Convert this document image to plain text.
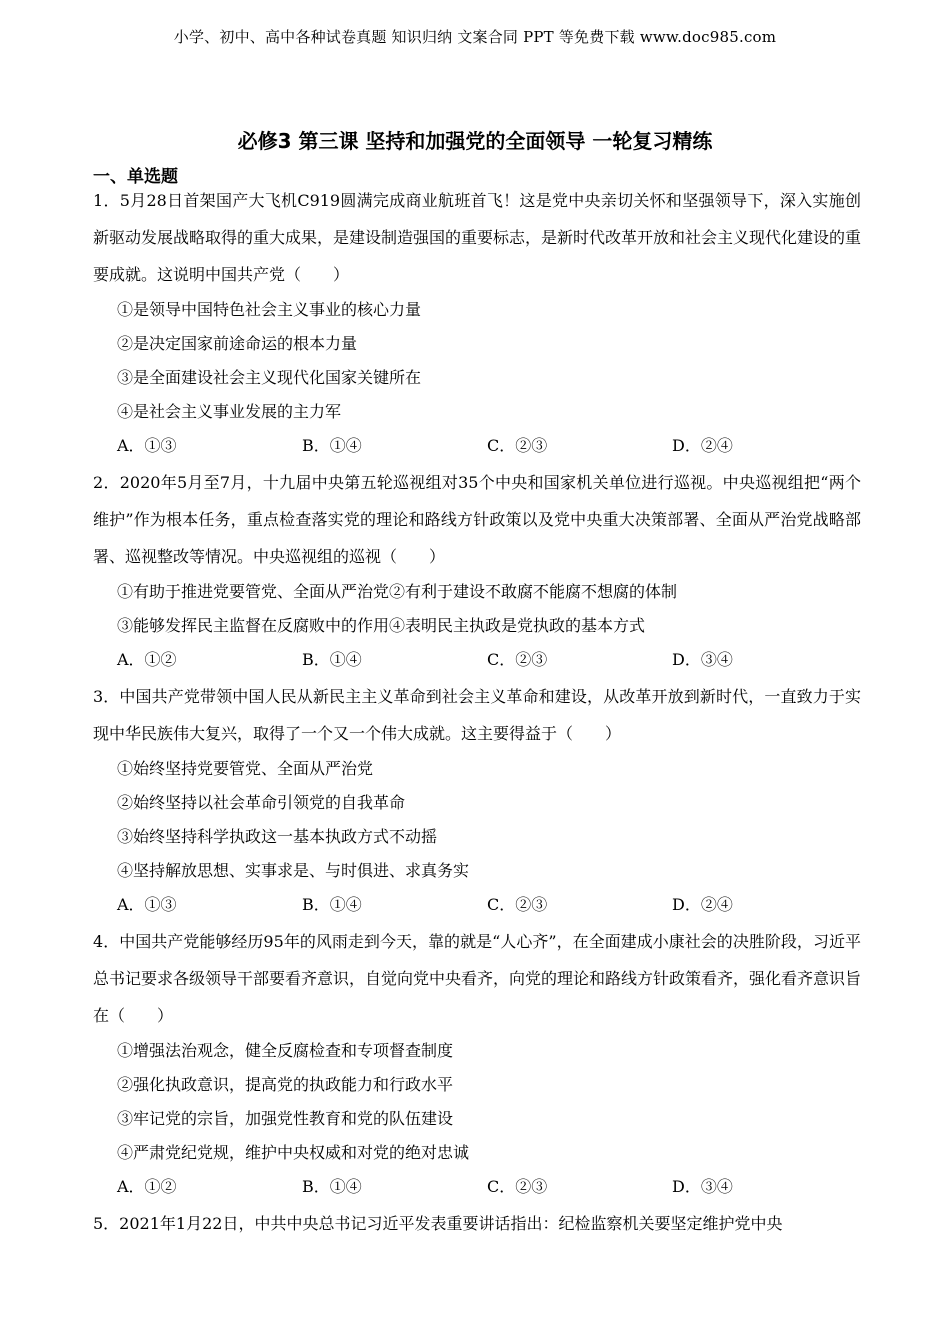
小学、初中、高中各种试卷真题 知识归纳 文案合同 PPT 等免费下载 www.doc985.com
必修3 第三课 坚持和加强党的全面领导 一轮复习精练
一、单选题

1．5月28日首架国产大飞机C919圆满完成商业航班首飞！这是党中央亲切关怀和坚强领导下，深入实施创新驱动发展战略取得的重大成果，是建设制造强国的重要标志，是新时代改革开放和社会主义现代化建设的重要成就。这说明中国共产党（　　）

①是领导中国特色社会主义事业的核心力量

②是决定国家前途命运的根本力量

③是全面建设社会主义现代化国家关键所在

④是社会主义事业发展的主力军

A．①③	B．①④	C．②③	D．②④

2．2020年5月至7月，十九届中央第五轮巡视组对35个中央和国家机关单位进行巡视。中央巡视组把“两个维护”作为根本任务，重点检查落实党的理论和路线方针政策以及党中央重大决策部署、全面从严治党战略部署、巡视整改等情况。中央巡视组的巡视（　　）

①有助于推进党要管党、全面从严治党②有利于建设不敢腐不能腐不想腐的体制

③能够发挥民主监督在反腐败中的作用④表明民主执政是党执政的基本方式

A．①②	B．①④	C．②③	D．③④

3．中国共产党带领中国人民从新民主主义革命到社会主义革命和建设，从改革开放到新时代，一直致力于实现中华民族伟大复兴，取得了一个又一个伟大成就。这主要得益于（　　）

①始终坚持党要管党、全面从严治党

②始终坚持以社会革命引领党的自我革命

③始终坚持科学执政这一基本执政方式不动摇

④坚持解放思想、实事求是、与时俱进、求真务实

A．①③	B．①④	C．②③	D．②④

4．中国共产党能够经历95年的风雨走到今天，靠的就是“人心齐”，在全面建成小康社会的决胜阶段，习近平总书记要求各级领导干部要看齐意识，自觉向党中央看齐，向党的理论和路线方针政策看齐，强化看齐意识旨在（　　）

①增强法治观念，健全反腐检查和专项督查制度

②强化执政意识，提高党的执政能力和行政水平

③牢记党的宗旨，加强党性教育和党的队伍建设

④严肃党纪党规，维护中央权威和对党的绝对忠诚

A．①②	B．①④	C．②③	D．③④

5．2021年1月22日，中共中央总书记习近平发表重要讲话指出：纪检监察机关要坚定维护党中央
